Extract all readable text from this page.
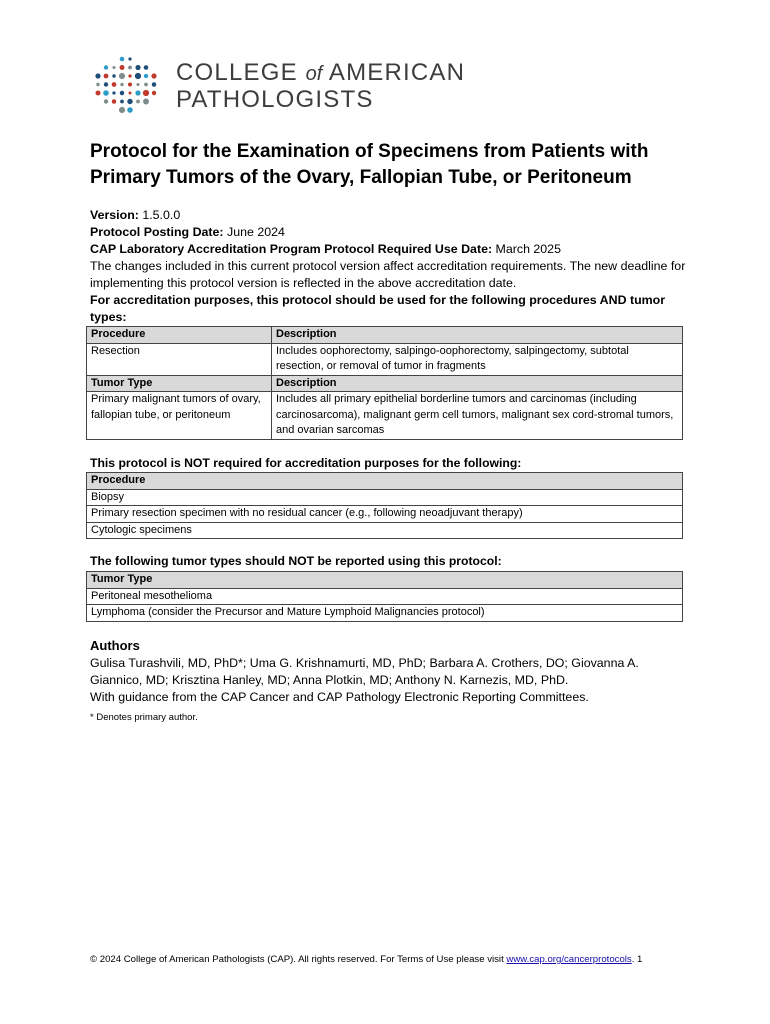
COLLEGE of AMERICAN
PATHOLOGISTS
Protocol for the Examination of Specimens from Patients with Primary Tumors of the Ovary, Fallopian Tube, or Peritoneum

Version: 1.5.0.0

Protocol Posting Date: June 2024

CAP Laboratory Accreditation Program Protocol Required Use Date: March 2025

The changes included in this current protocol version affect accreditation requirements. The new deadline for implementing this protocol version is reflected in the above accreditation date.

For accreditation purposes, this protocol should be used for the following procedures AND tumor types:

Procedure	Description
Resection	Includes oophorectomy, salpingo-oophorectomy, salpingectomy, subtotal resection, or removal of tumor in fragments
Tumor Type	Description
Primary malignant tumors of ovary, fallopian tube, or peritoneum	Includes all primary epithelial borderline tumors and carcinomas (including carcinosarcoma), malignant germ cell tumors, malignant sex cord-stromal tumors, and ovarian sarcomas
This protocol is NOT required for accreditation purposes for the following:
Procedure
Biopsy
Primary resection specimen with no residual cancer (e.g., following neoadjuvant therapy)
Cytologic specimens
The following tumor types should NOT be reported using this protocol:
Tumor Type
Peritoneal mesothelioma
Lymphoma (consider the Precursor and Mature Lymphoid Malignancies protocol)
Authors

Gulisa Turashvili, MD, PhD*; Uma G. Krishnamurti, MD, PhD; Barbara A. Crothers, DO; Giovanna A. Giannico, MD; Krisztina Hanley, MD; Anna Plotkin, MD; Anthony N. Karnezis, MD, PhD.

With guidance from the CAP Cancer and CAP Pathology Electronic Reporting Committees.

* Denotes primary author.

© 2024 College of American Pathologists (CAP). All rights reserved. For Terms of Use please visit www.cap.org/cancerprotocols. 1
